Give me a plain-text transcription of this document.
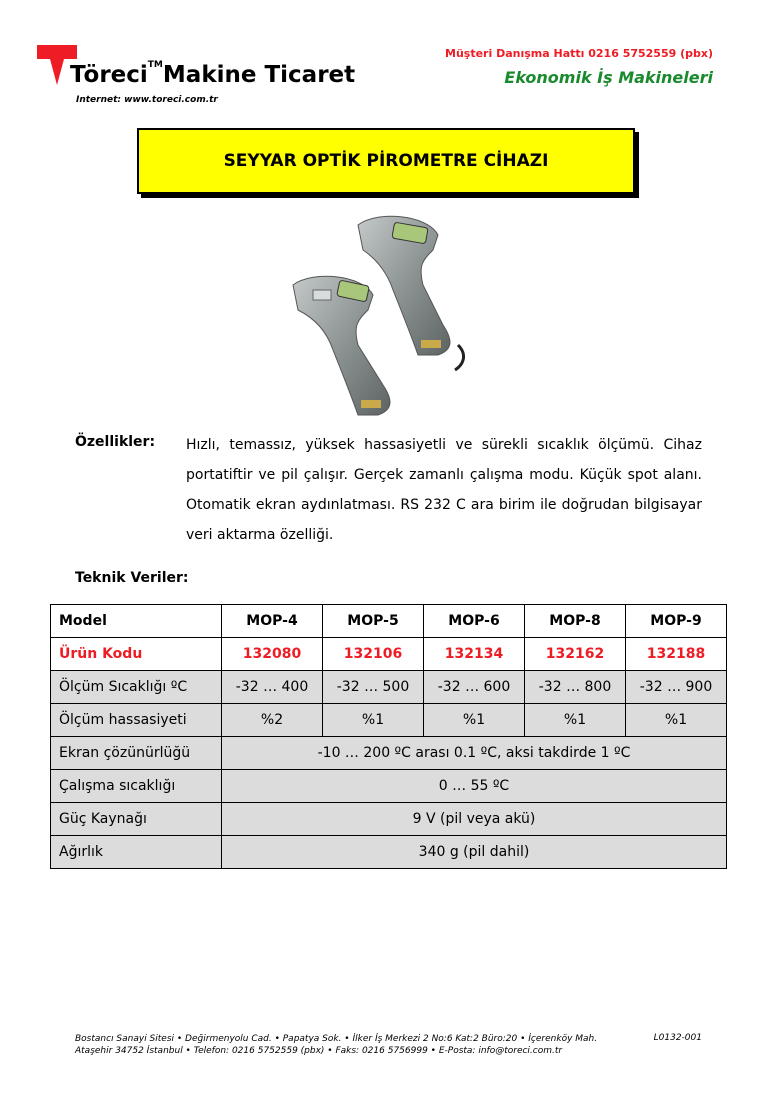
Töreci™Makine Ticaret
Internet: www.toreci.com.tr
Müşteri Danışma Hattı 0216 5752559 (pbx)
Ekonomik İş Makineleri
SEYYAR OPTİK PİROMETRE CİHAZI
Özellikler: Hızlı, temassız, yüksek hassasiyetli ve sürekli sıcaklık ölçümü. Cihaz portatiftir ve pil çalışır. Gerçek zamanlı çalışma modu. Küçük spot alanı. Otomatik ekran aydınlatması. RS 232 C ara birim ile doğrudan bilgisayar veri aktarma özelliği.
Teknik Veriler:
Model	MOP-4	MOP-5	MOP-6	MOP-8	MOP-9
Ürün Kodu	132080	132106	132134	132162	132188
Ölçüm Sıcaklığı ºC	-32 … 400	-32 … 500	-32 … 600	-32 … 800	-32 … 900
Ölçüm hassasiyeti	%2	%1	%1	%1	%1
Ekran çözünürlüğü	-10 … 200 ºC arası 0.1 ºC, aksi takdirde 1 ºC				
Çalışma sıcaklığı	0 … 55 ºC				
Güç Kaynağı	9 V (pil veya akü)				
Ağırlık	340 g (pil dahil)				
Bostancı Sanayi Sitesi • Değirmenyolu Cad. • Papatya Sok. • İlker İş Merkezi 2 No:6 Kat:2 Büro:20 • İçerenköy Mah.
Ataşehir 34752 İstanbul • Telefon: 0216 5752559 (pbx) • Faks: 0216 5756999 • E-Posta: info@toreci.com.tr
L0132-001
